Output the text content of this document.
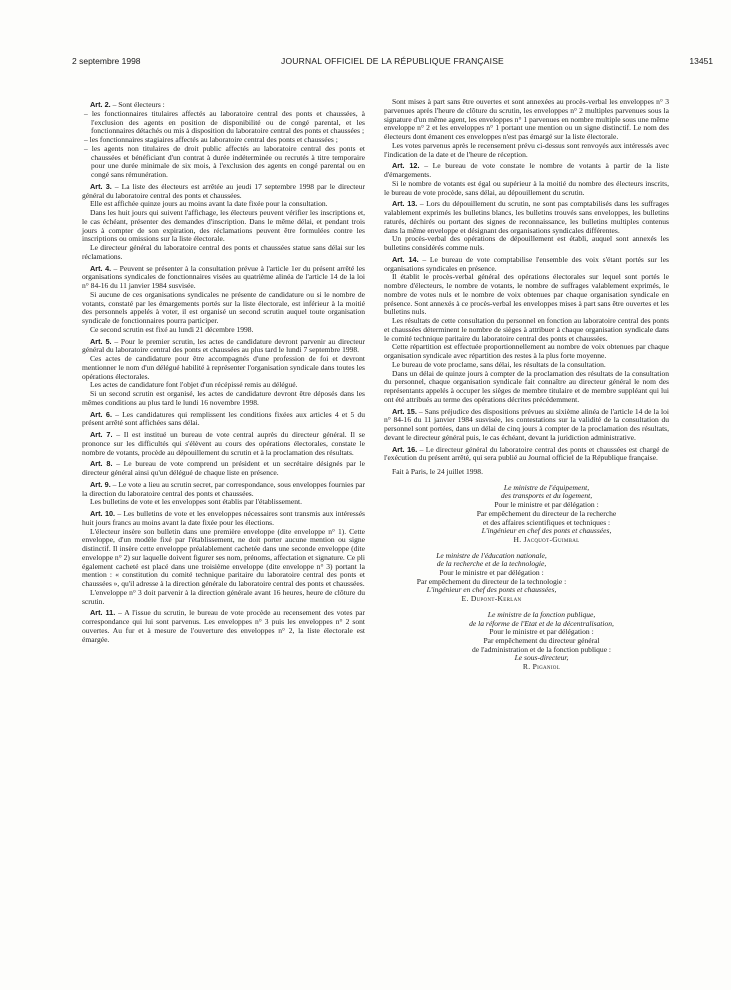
2 septembre 1998	JOURNAL OFFICIEL DE LA RÉPUBLIQUE FRANÇAISE	13451

Art. 2. – Sont électeurs :

– les fonctionnaires titulaires affectés au laboratoire central des ponts et chaussées, à l'exclusion des agents en position de disponibilité ou de congé parental, et les fonctionnaires détachés ou mis à disposition du laboratoire central des ponts et chaussées ;
– les fonctionnaires stagiaires affectés au laboratoire central des ponts et chaussées ;
– les agents non titulaires de droit public affectés au laboratoire central des ponts et chaussées et bénéficiant d'un contrat à durée indéterminée ou recrutés à titre temporaire pour une durée minimale de six mois, à l'exclusion des agents en congé parental ou en congé sans rémunération.

Art. 3. – La liste des électeurs est arrêtée au jeudi 17 septembre 1998 par le directeur général du laboratoire central des ponts et chaussées.

Elle est affichée quinze jours au moins avant la date fixée pour la consultation.

Dans les huit jours qui suivent l'affichage, les électeurs peuvent vérifier les inscriptions et, le cas échéant, présenter des demandes d'inscription. Dans le même délai, et pendant trois jours à compter de son expiration, des réclamations peuvent être formulées contre les inscriptions ou omissions sur la liste électorale.

Le directeur général du laboratoire central des ponts et chaussées statue sans délai sur les réclamations.

Art. 4. – Peuvent se présenter à la consultation prévue à l'article 1er du présent arrêté les organisations syndicales de fonctionnaires visées au quatrième alinéa de l'article 14 de la loi n° 84-16 du 11 janvier 1984 susvisée.

Si aucune de ces organisations syndicales ne présente de candidature ou si le nombre de votants, constaté par les émargements portés sur la liste électorale, est inférieur à la moitié des personnels appelés à voter, il est organisé un second scrutin auquel toute organisation syndicale de fonctionnaires pourra participer.

Ce second scrutin est fixé au lundi 21 décembre 1998.

Art. 5. – Pour le premier scrutin, les actes de candidature devront parvenir au directeur général du laboratoire central des ponts et chaussées au plus tard le lundi 7 septembre 1998.

Ces actes de candidature pour être accompagnés d'une profession de foi et devront mentionner le nom d'un délégué habilité à représenter l'organisation syndicale dans toutes les opérations électorales.

Les actes de candidature font l'objet d'un récépissé remis au délégué.

Si un second scrutin est organisé, les actes de candidature devront être déposés dans les mêmes conditions au plus tard le lundi 16 novembre 1998.

Art. 6. – Les candidatures qui remplissent les conditions fixées aux articles 4 et 5 du présent arrêté sont affichées sans délai.

Art. 7. – Il est institué un bureau de vote central auprès du directeur général. Il se prononce sur les difficultés qui s'élèvent au cours des opérations électorales, constate le nombre de votants, procède au dépouillement du scrutin et à la proclamation des résultats.

Art. 8. – Le bureau de vote comprend un président et un secrétaire désignés par le directeur général ainsi qu'un délégué de chaque liste en présence.

Art. 9. – Le vote a lieu au scrutin secret, par correspondance, sous enveloppes fournies par la direction du laboratoire central des ponts et chaussées.

Les bulletins de vote et les enveloppes sont établis par l'établissement.

Art. 10. – Les bulletins de vote et les enveloppes nécessaires sont transmis aux intéressés huit jours francs au moins avant la date fixée pour les élections.

L'électeur insère son bulletin dans une première enveloppe (dite enveloppe n° 1). Cette enveloppe, d'un modèle fixé par l'établissement, ne doit porter aucune mention ou signe distinctif. Il insère cette enveloppe préalablement cachetée dans une seconde enveloppe (dite enveloppe n° 2) sur laquelle doivent figurer ses nom, prénoms, affectation et signature. Ce pli également cacheté est placé dans une troisième enveloppe (dite enveloppe n° 3) portant la mention : « constitution du comité technique paritaire du laboratoire central des ponts et chaussées », qu'il adresse à la direction générale du laboratoire central des ponts et chaussées.

L'enveloppe n° 3 doit parvenir à la direction générale avant 16 heures, heure de clôture du scrutin.

Art. 11. – A l'issue du scrutin, le bureau de vote procède au recensement des votes par correspondance qui lui sont parvenus. Les enveloppes n° 3 puis les enveloppes n° 2 sont ouvertes. Au fur et à mesure de l'ouverture des enveloppes n° 2, la liste électorale est émargée.

Sont mises à part sans être ouvertes et sont annexées au procès-verbal les enveloppes n° 3 parvenues après l'heure de clôture du scrutin, les enveloppes n° 2 multiples parvenues sous la signature d'un même agent, les enveloppes n° 1 parvenues en nombre multiple sous une même enveloppe n° 2 et les enveloppes n° 1 portant une mention ou un signe distinctif. Le nom des électeurs dont émanent ces enveloppes n'est pas émargé sur la liste électorale.

Les votes parvenus après le recensement prévu ci-dessus sont renvoyés aux intéressés avec l'indication de la date et de l'heure de réception.

Art. 12. – Le bureau de vote constate le nombre de votants à partir de la liste d'émargements.

Si le nombre de votants est égal ou supérieur à la moitié du nombre des électeurs inscrits, le bureau de vote procède, sans délai, au dépouillement du scrutin.

Art. 13. – Lors du dépouillement du scrutin, ne sont pas comptabilisés dans les suffrages valablement exprimés les bulletins blancs, les bulletins trouvés sans enveloppes, les bulletins raturés, déchirés ou portant des signes de reconnaissance, les bulletins multiples contenus dans la même enveloppe et désignant des organisations syndicales différentes.

Un procès-verbal des opérations de dépouillement est établi, auquel sont annexés les bulletins considérés comme nuls.

Art. 14. – Le bureau de vote comptabilise l'ensemble des voix s'étant portés sur les organisations syndicales en présence.

Il établit le procès-verbal général des opérations électorales sur lequel sont portés le nombre d'électeurs, le nombre de votants, le nombre de suffrages valablement exprimés, le nombre de votes nuls et le nombre de voix obtenues par chaque organisation syndicale en présence. Sont annexés à ce procès-verbal les enveloppes mises à part sans être ouvertes et les bulletins nuls.

Les résultats de cette consultation du personnel en fonction au laboratoire central des ponts et chaussées déterminent le nombre de sièges à attribuer à chaque organisation syndicale dans le comité technique paritaire du laboratoire central des ponts et chaussées.

Cette répartition est effectuée proportionnellement au nombre de voix obtenues par chaque organisation syndicale avec répartition des restes à la plus forte moyenne.

Le bureau de vote proclame, sans délai, les résultats de la consultation.

Dans un délai de quinze jours à compter de la proclamation des résultats de la consultation du personnel, chaque organisation syndicale fait connaître au directeur général le nom des représentants appelés à occuper les sièges de membre titulaire et de membre suppléant qui lui ont été attribués au terme des opérations décrites précédemment.

Art. 15. – Sans préjudice des dispositions prévues au sixième alinéa de l'article 14 de la loi n° 84-16 du 11 janvier 1984 susvisée, les contestations sur la validité de la consultation du personnel sont portées, dans un délai de cinq jours à compter de la proclamation des résultats, devant le directeur général puis, le cas échéant, devant la juridiction administrative.

Art. 16. – Le directeur général du laboratoire central des ponts et chaussées est chargé de l'exécution du présent arrêté, qui sera publié au Journal officiel de la République française.

Fait à Paris, le 24 juillet 1998.

Le ministre de l'équipement,
des transports et du logement,
Pour le ministre et par délégation :
Par empêchement du directeur de la recherche
et des affaires scientifiques et techniques :
L'ingénieur en chef des ponts et chaussées,
H. Jacquot-Guimbal
Le ministre de l'éducation nationale,
de la recherche et de la technologie,
Pour le ministre et par délégation :
Par empêchement du directeur de la technologie :
L'ingénieur en chef des ponts et chaussées,
E. Dupont-Kerlan
Le ministre de la fonction publique,
de la réforme de l'Etat et de la décentralisation,
Pour le ministre et par délégation :
Par empêchement du directeur général
de l'administration et de la fonction publique :
Le sous-directeur,
R. Piganiol
